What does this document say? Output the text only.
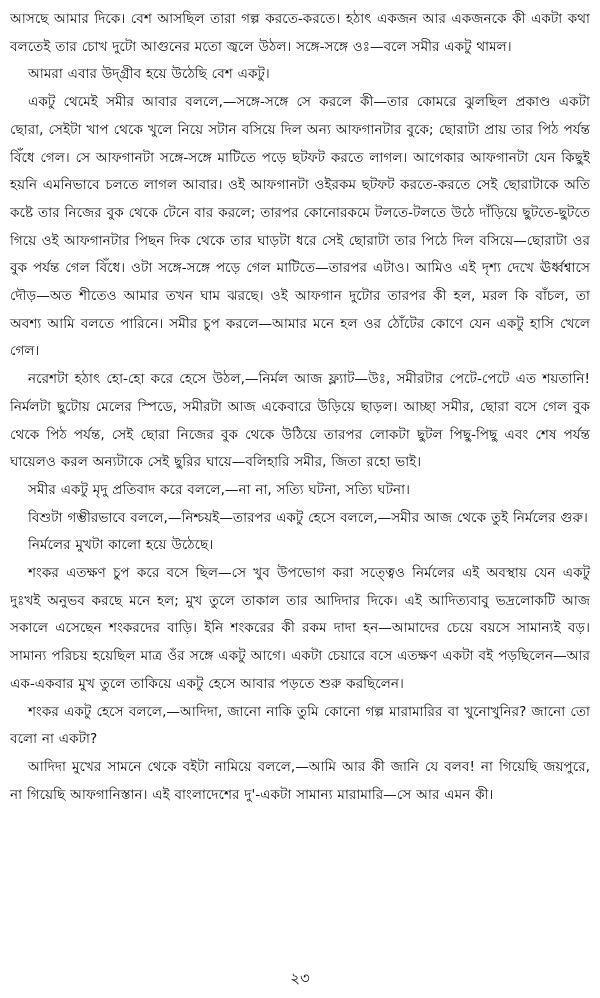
আসছে আমার দিকে। বেশ আসছিল তারা গল্প করতে-করতে। হঠাৎ একজন আর একজনকে কী একটা কথা বলতেই তার চোখ দুটো আগুনের মতো জ্বলে উঠল। সঙ্গে-সঙ্গে ওঃ—বলে সমীর একটু থামল।

আমরা এবার উদ্‌গ্রীব হয়ে উঠেছি বেশ একটু।

একটু থেমেই সমীর আবার বললে,—সঙ্গে-সঙ্গে সে করলে কী—তার কোমরে ঝুলছিল প্রকাণ্ড একটা ছোরা, সেইটা খাপ থেকে খুলে নিয়ে সটান বসিয়ে দিল অন্য আফগানটার বুকে; ছোরাটা প্রায় তার পিঠ পর্যন্ত বিঁধে গেল। সে আফগানটা সঙ্গে-সঙ্গে মাটিতে পড়ে ছটফট করতে লাগল। আগেকার আফগানটা যেন কিছুই হয়নি এমনিভাবে চলতে লাগল আবার। ওই আফগানটা ওইরকম ছটফট করতে-করতে সেই ছোরাটাকে অতি কষ্টে তার নিজের বুক থেকে টেনে বার করলে; তারপর কোনোরকমে টলতে-টলতে উঠে দাঁড়িয়ে ছুটতে-ছুটতে গিয়ে ওই আফগানটার পিছন দিক থেকে তার ঘাড়টা ধরে সেই ছোরাটা তার পিঠে দিল বসিয়ে—ছোরাটা ওর বুক পর্যন্ত গেল বিঁধে। ওটা সঙ্গে-সঙ্গে পড়ে গেল মাটিতে—তারপর এটাও। আমিও এই দৃশ্য দেখে ঊর্ধ্বশ্বাসে দৌড়—অত শীতেও আমার তখন ঘাম ঝরছে। ওই আফগান দুটোর তারপর কী হল, মরল কি বাঁচল, তা অবশ্য আমি বলতে পারিনে। সমীর চুপ করলে—আমার মনে হল ওর ঠোঁটের কোণে যেন একটু হাসি খেলে গেল।

নরেশটা হঠাৎ হো-হো করে হেসে উঠল,—নির্মল আজ ফ্ল্যাট—উঃ, সমীরটার পেটে-পেটে এত শয়তানি! নির্মলটা ছুটোয় মেলের স্পিডে, সমীরটা আজ একেবারে উড়িয়ে ছাড়ল। আচ্ছা সমীর, ছোরা বসে গেল বুক থেকে পিঠ পর্যন্ত, সেই ছোরা নিজের বুক থেকে উঠিয়ে তারপর লোকটা ছুটল পিছু-পিছু এবং শেষ পর্যন্ত ঘায়েলও করল অন্যটাকে সেই ছুরির ঘায়ে—বলিহারি সমীর, জিতা রহো ভাই।

সমীর একটু মৃদু প্রতিবাদ করে বললে,—না না, সত্যি ঘটনা, সত্যি ঘটনা।

বিশুটা গম্ভীরভাবে বললে,—নিশ্চয়ই—তারপর একটু হেসে বললে,—সমীর আজ থেকে তুই নির্মলের গুরু।

নির্মলের মুখটা কালো হয়ে উঠেছে।

শংকর এতক্ষণ চুপ করে বসে ছিল—সে খুব উপভোগ করা সত্ত্বেও নির্মলের এই অবস্থায় যেন একটু দুঃখই অনুভব করছে মনে হল; মুখ তুলে তাকাল তার আদিদার দিকে। এই আদিত্যবাবু ভদ্রলোকটি আজ সকালে এসেছেন শংকরদের বাড়ি। ইনি শংকরের কী রকম দাদা হন—আমাদের চেয়ে বয়সে সামান্যই বড়। সামান্য পরিচয় হয়েছিল মাত্র ওঁর সঙ্গে একটু আগে। একটা চেয়ারে বসে এতক্ষণ একটা বই পড়ছিলেন—আর এক-একবার মুখ তুলে তাকিয়ে একটু হেসে আবার পড়তে শুরু করছিলেন।

শংকর একটু হেসে বললে,—আদিদা, জানো নাকি তুমি কোনো গল্প মারামারির বা খুনোখুনির? জানো তো বলো না একটা?

আদিদা মুখের সামনে থেকে বইটা নামিয়ে বললে,—আমি আর কী জানি যে বলব! না গিয়েছি জয়পুরে, না গিয়েছি আফগানিস্তান। এই বাংলাদেশের দু'-একটা সামান্য মারামারি—সে আর এমন কী।

২৩
